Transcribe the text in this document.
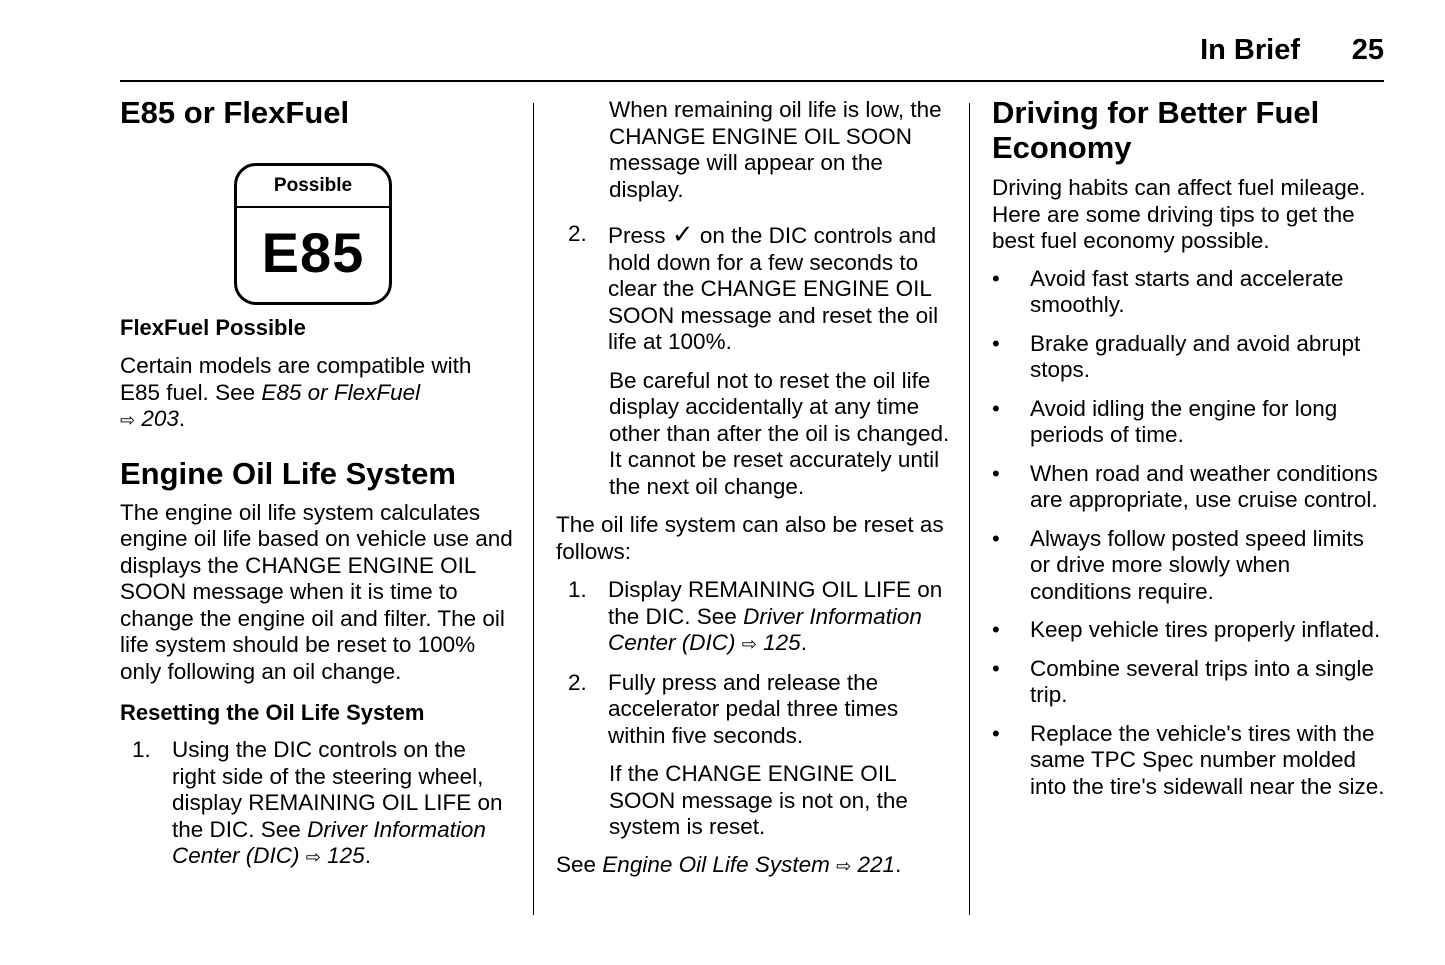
In Brief 25
E85 or FlexFuel
Possible
E85
FlexFuel Possible

Certain models are compatible with E85 fuel. See E85 or FlexFuel
⇨ 203.

Engine Oil Life System

The engine oil life system calculates engine oil life based on vehicle use and displays the CHANGE ENGINE OIL SOON message when it is time to change the engine oil and filter. The oil life system should be reset to 100% only following an oil change.

Resetting the Oil Life System
1. Using the DIC controls on the right side of the steering wheel, display REMAINING OIL LIFE on the DIC. See Driver Information Center (DIC) ⇨ 125.

When remaining oil life is low, the CHANGE ENGINE OIL SOON message will appear on the display.

2. Press ✓ on the DIC controls and hold down for a few seconds to clear the CHANGE ENGINE OIL SOON message and reset the oil life at 100%.

Be careful not to reset the oil life display accidentally at any time other than after the oil is changed. It cannot be reset accurately until the next oil change.

The oil life system can also be reset as follows:

1. Display REMAINING OIL LIFE on the DIC. See Driver Information Center (DIC) ⇨ 125.
2. Fully press and release the accelerator pedal three times within five seconds.

If the CHANGE ENGINE OIL SOON message is not on, the system is reset.

See Engine Oil Life System ⇨ 221.

Driving for Better Fuel Economy

Driving habits can affect fuel mileage. Here are some driving tips to get the best fuel economy possible.

•	Avoid fast starts and accelerate smoothly.
•	Brake gradually and avoid abrupt stops.
•	Avoid idling the engine for long periods of time.
•	When road and weather conditions are appropriate, use cruise control.
•	Always follow posted speed limits or drive more slowly when conditions require.
•	Keep vehicle tires properly inflated.
•	Combine several trips into a single trip.
•	Replace the vehicle's tires with the same TPC Spec number molded into the tire's sidewall near the size.
